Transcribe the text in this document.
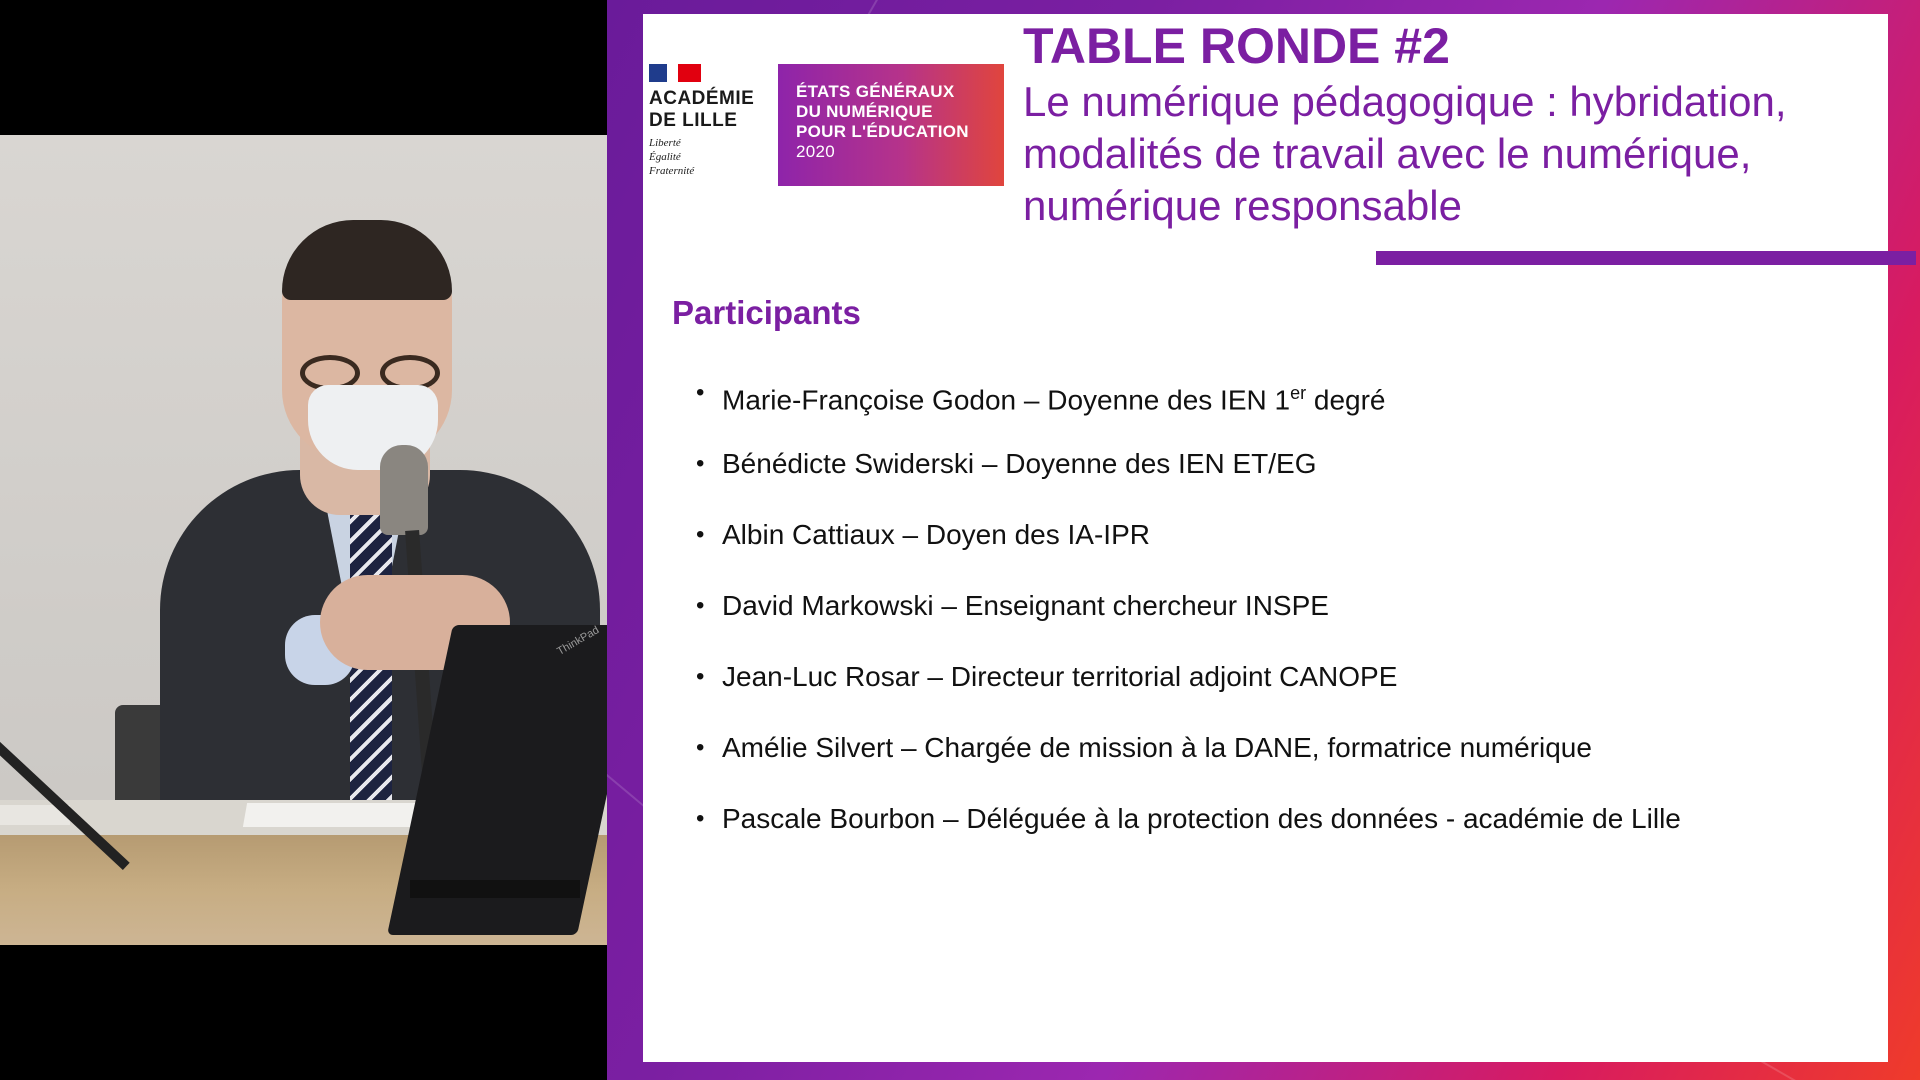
ThinkPad
ACADÉMIE
DE LILLE
Liberté
Égalité
Fraternité
ÉTATS GÉNÉRAUX
DU NUMÉRIQUE
POUR L'ÉDUCATION
2020
TABLE RONDE #2
Le numérique pédagogique : hybridation, modalités de travail avec le numérique, numérique responsable
Participants
• Marie-Françoise Godon – Doyenne des IEN 1er degré
• Bénédicte Swiderski – Doyenne des IEN ET/EG
• Albin Cattiaux – Doyen des IA-IPR
• David Markowski – Enseignant chercheur INSPE
• Jean-Luc Rosar – Directeur territorial adjoint CANOPE
• Amélie Silvert – Chargée de mission à la DANE, formatrice numérique
• Pascale Bourbon – Déléguée à la protection des données - académie de Lille
